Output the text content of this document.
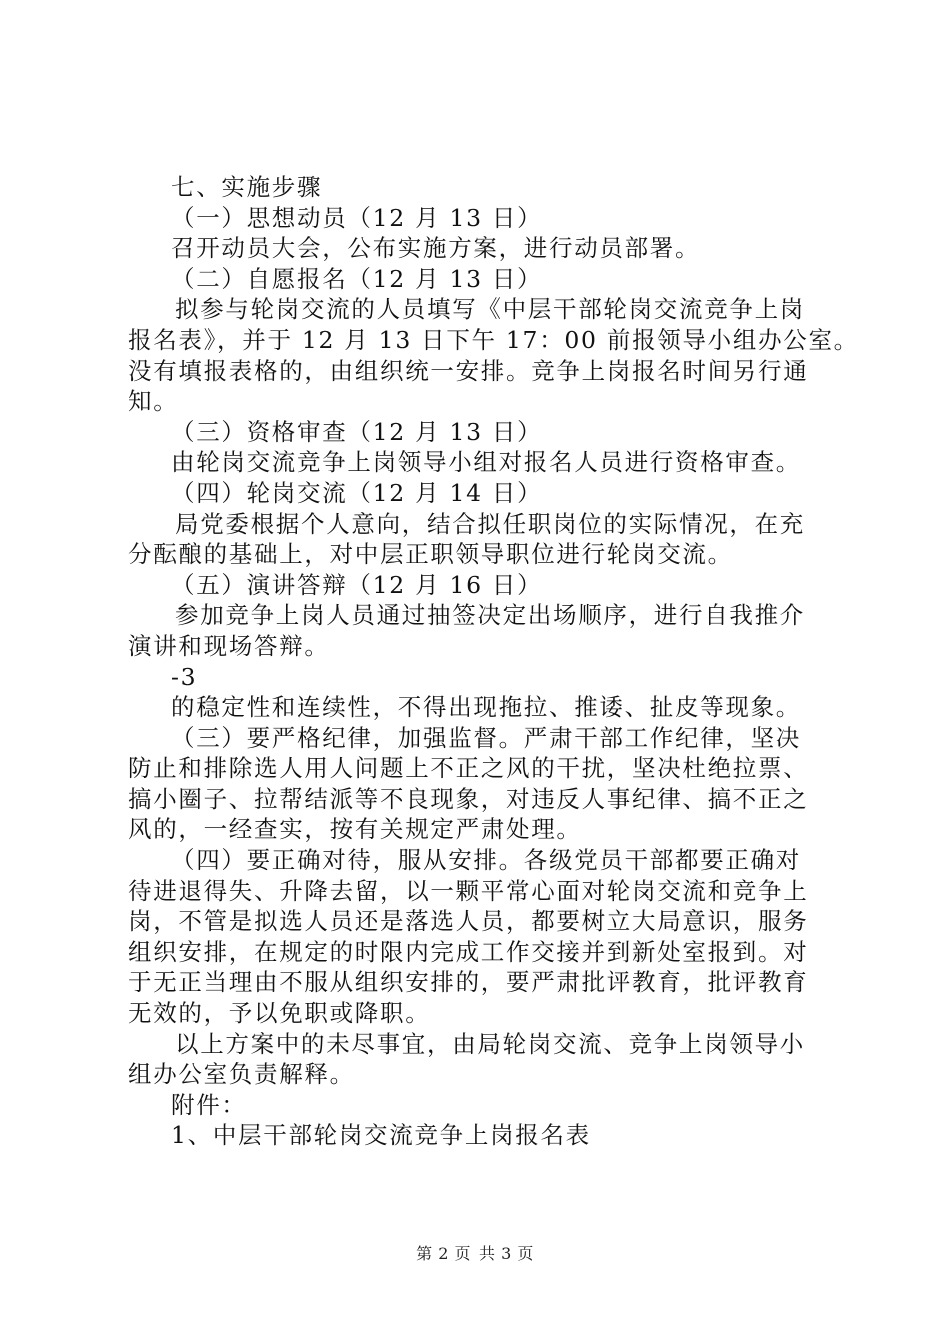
七、实施步骤
（一）思想动员（12 月 13 日）
召开动员大会，公布实施方案，进行动员部署。
（二）自愿报名（12 月 13 日）
拟参与轮岗交流的人员填写《中层干部轮岗交流竞争上岗
报名表》，并于 12 月 13 日下午 17：00 前报领导小组办公室。
没有填报表格的，由组织统一安排。竞争上岗报名时间另行通
知。
（三）资格审查（12 月 13 日）
由轮岗交流竞争上岗领导小组对报名人员进行资格审查。
（四）轮岗交流（12 月 14 日）
局党委根据个人意向，结合拟任职岗位的实际情况，在充
分酝酿的基础上，对中层正职领导职位进行轮岗交流。
（五）演讲答辩（12 月 16 日）
参加竞争上岗人员通过抽签决定出场顺序，进行自我推介
演讲和现场答辩。
-3
的稳定性和连续性，不得出现拖拉、推诿、扯皮等现象。
（三）要严格纪律，加强监督。严肃干部工作纪律，坚决
防止和排除选人用人问题上不正之风的干扰，坚决杜绝拉票、
搞小圈子、拉帮结派等不良现象，对违反人事纪律、搞不正之
风的，一经查实，按有关规定严肃处理。
（四）要正确对待，服从安排。各级党员干部都要正确对
待进退得失、升降去留，以一颗平常心面对轮岗交流和竞争上
岗，不管是拟选人员还是落选人员，都要树立大局意识，服务
组织安排，在规定的时限内完成工作交接并到新处室报到。对
于无正当理由不服从组织安排的，要严肃批评教育，批评教育
无效的，予以免职或降职。
以上方案中的未尽事宜，由局轮岗交流、竞争上岗领导小
组办公室负责解释。
附件：
1、中层干部轮岗交流竞争上岗报名表
第 2 页 共 3 页
